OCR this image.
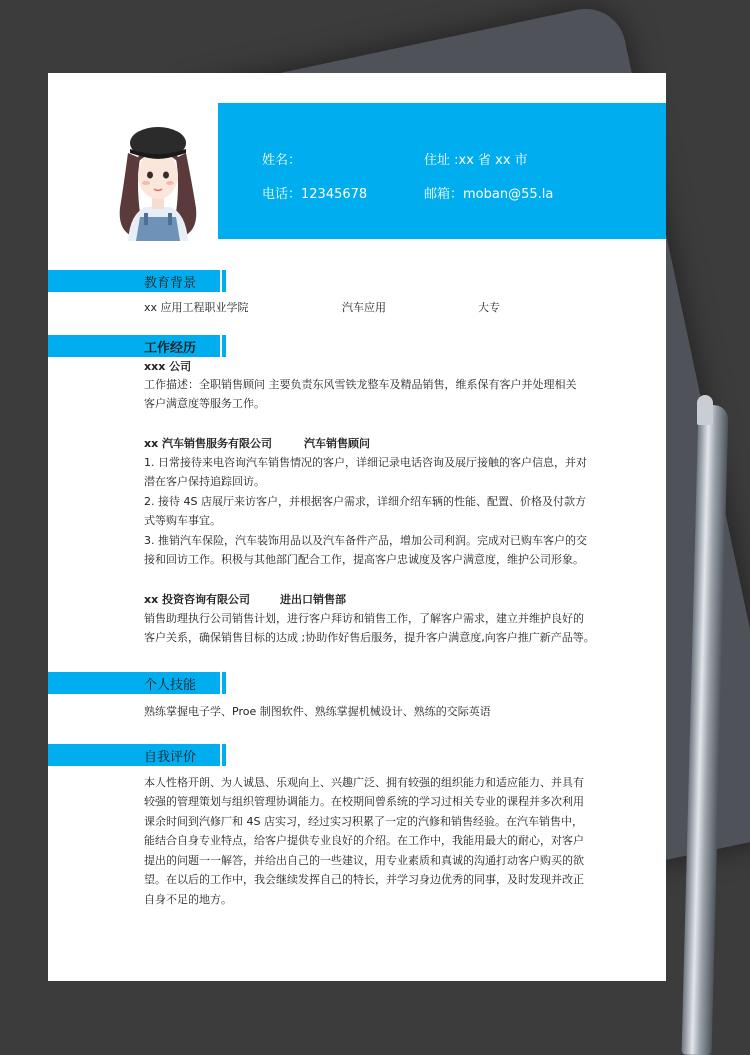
姓名：	住址 :xx 省 xx 市
电话：12345678	邮箱：moban@55.la
教育背景
xx 应用工程职业学院	汽车应用	大专
工作经历
xxx 公司
工作描述：全职销售顾问 主要负责东风雪铁龙整车及精品销售，维系保有客户并处理相关
客户满意度等服务工作。
xx 汽车销售服务有限公司	汽车销售顾问
1. 日常接待来电咨询汽车销售情况的客户，详细记录电话咨询及展厅接触的客户信息，并对
潜在客户保持追踪回访。
2. 接待 4S 店展厅来访客户，并根据客户需求，详细介绍车辆的性能、配置、价格及付款方
式等购车事宜。
3. 推销汽车保险，汽车装饰用品以及汽车备件产品，增加公司利润。完成对已购车客户的交
接和回访工作。积极与其他部门配合工作，提高客户忠诚度及客户满意度，维护公司形象。
xx 投资咨询有限公司	进出口销售部
销售助理执行公司销售计划，进行客户拜访和销售工作，了解客户需求，建立并维护良好的
客户关系，确保销售目标的达成 ;协助作好售后服务，提升客户满意度,向客户推广新产品等。
个人技能
熟练掌握电子学、Proe 制图软件、熟练掌握机械设计、熟练的交际英语
自我评价
本人性格开朗、为人诚恳、乐观向上、兴趣广泛、拥有较强的组织能力和适应能力、并具有
较强的管理策划与组织管理协调能力。在校期间曾系统的学习过相关专业的课程并多次利用
课余时间到汽修厂和 4S 店实习，经过实习积累了一定的汽修和销售经验。在汽车销售中，
能结合自身专业特点，给客户提供专业良好的介绍。在工作中，我能用最大的耐心，对客户
提出的问题一一解答，并给出自己的一些建议，用专业素质和真诚的沟通打动客户购买的欲
望。在以后的工作中，我会继续发挥自己的特长，并学习身边优秀的同事，及时发现并改正
自身不足的地方。
